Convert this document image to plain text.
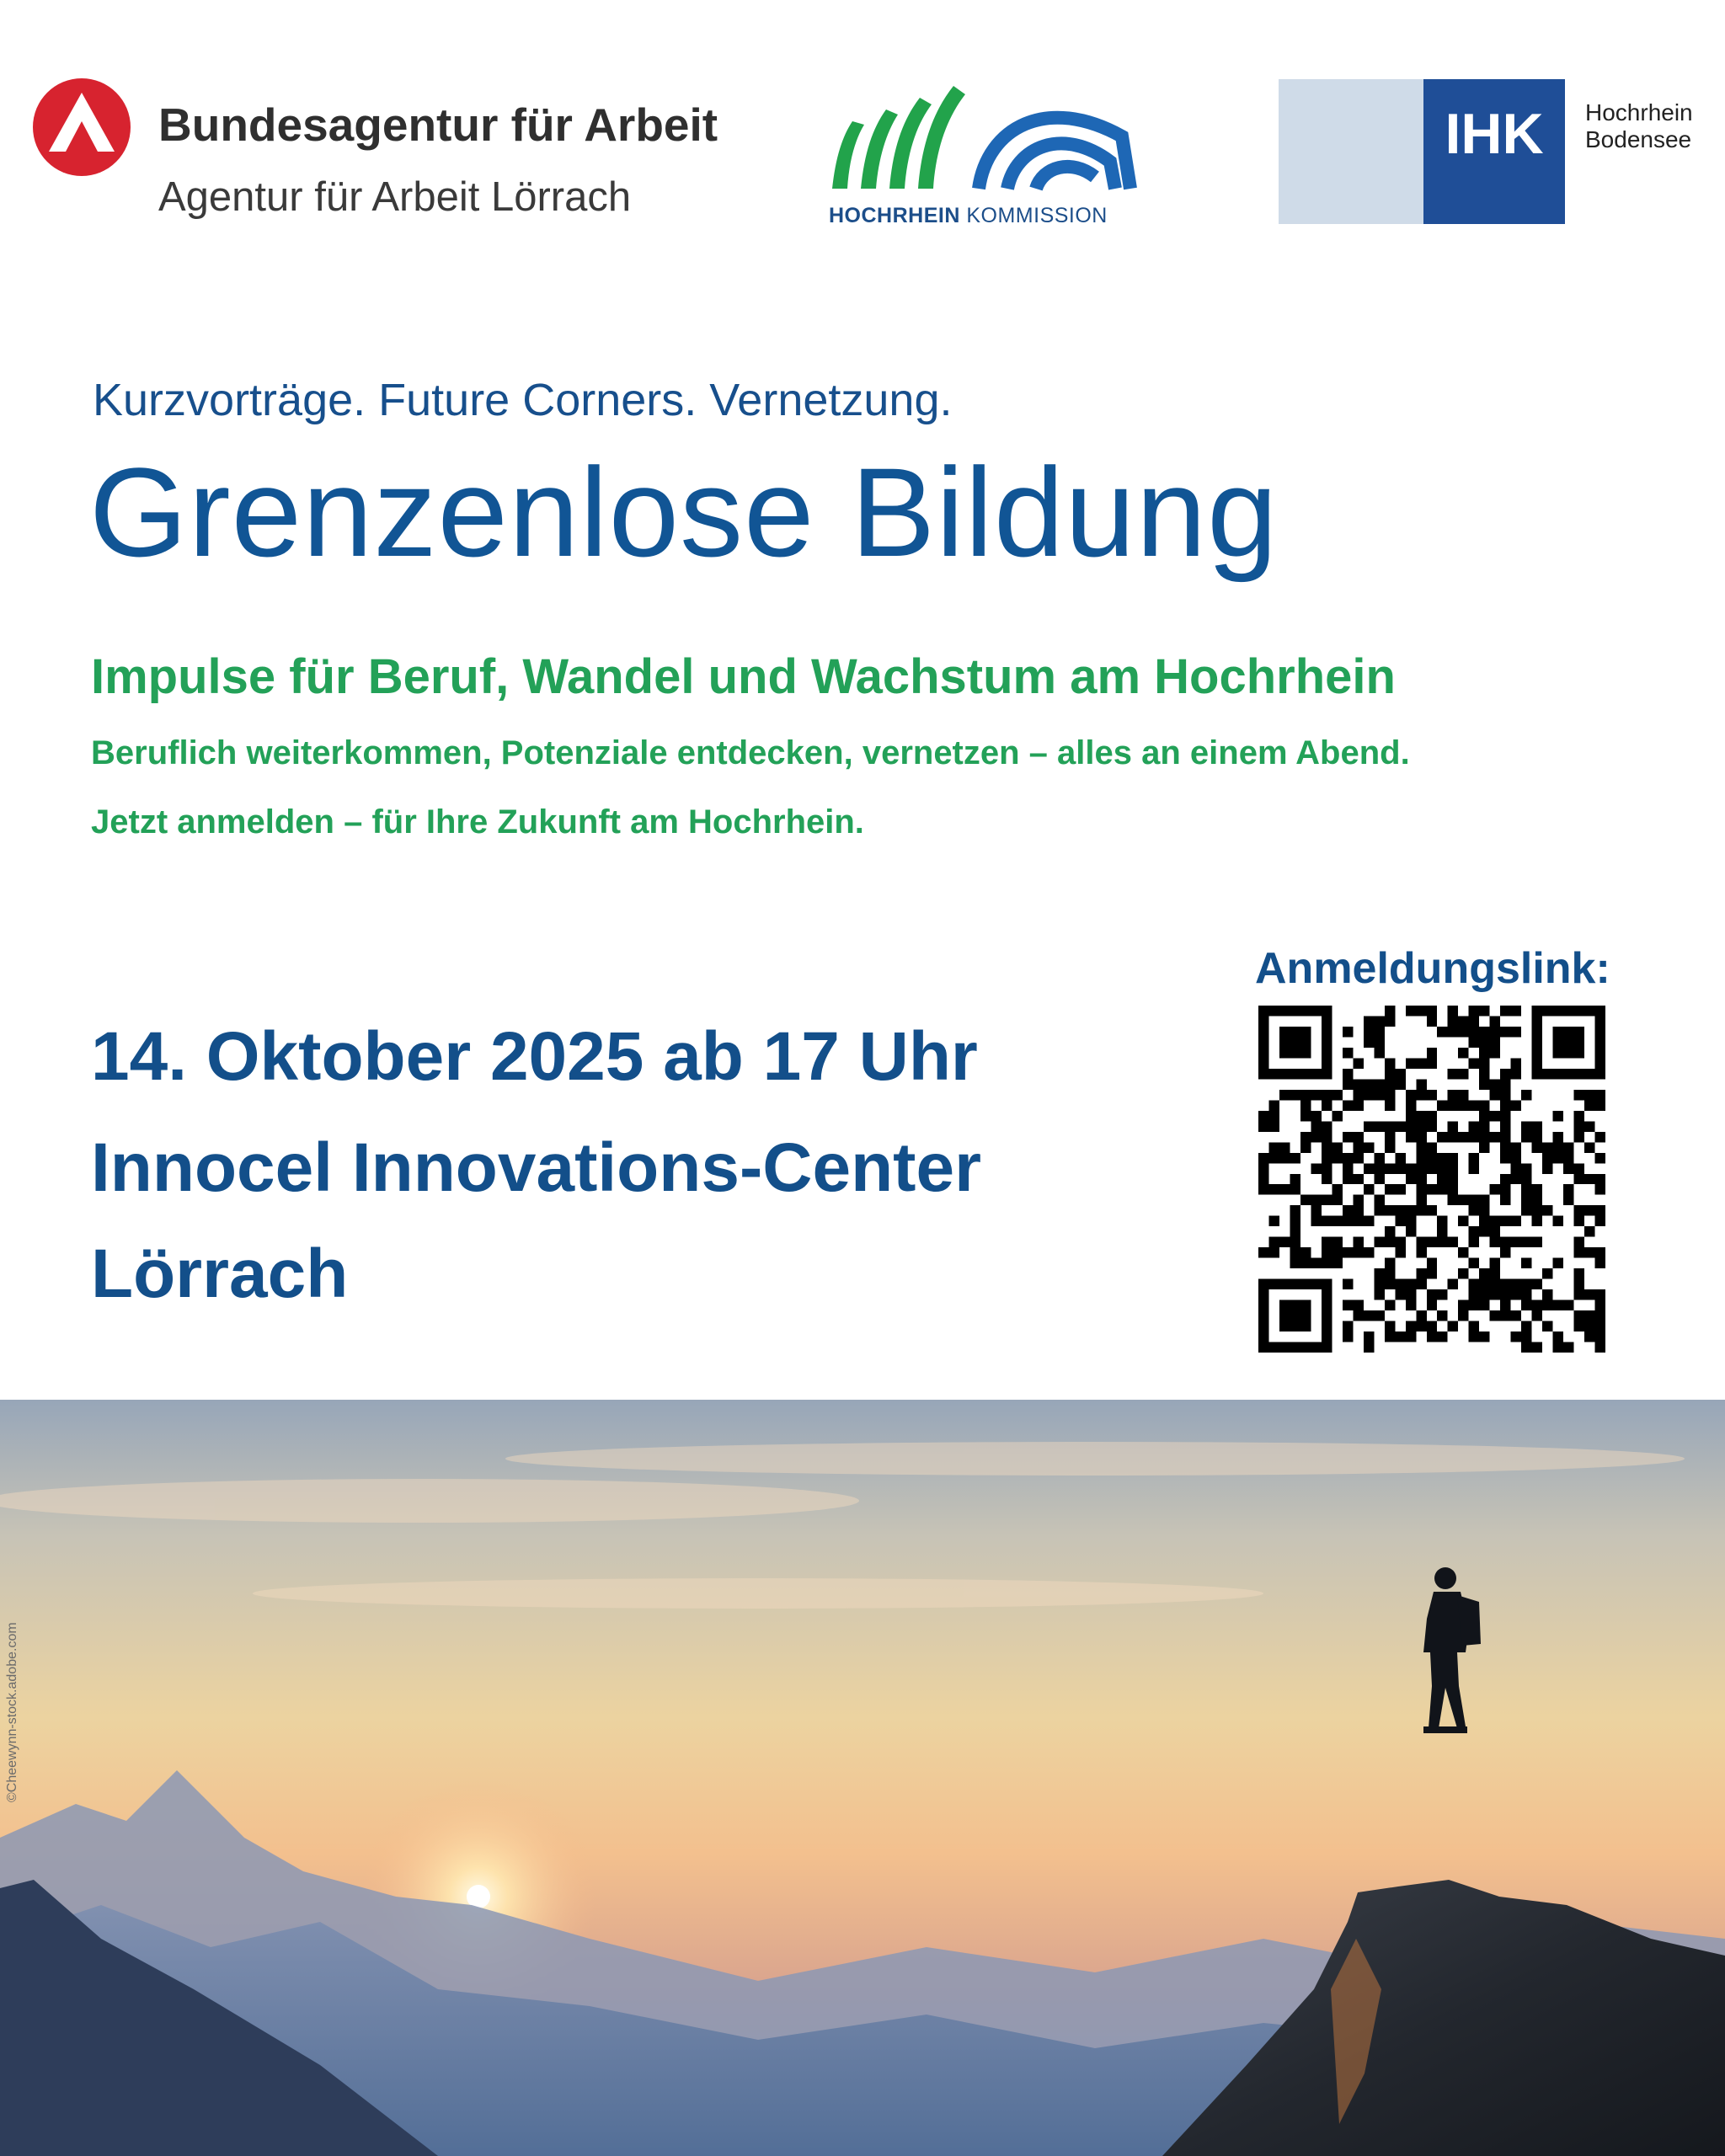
Bundesagentur für Arbeit
Agentur für Arbeit Lörrach	HOCHRHEIN KOMMISSION
IHK	Hochrhein
Bodensee
Kurzvorträge. Future Corners. Vernetzung.
Grenzenlose Bildung
Impulse für Beruf, Wandel und Wachstum am Hochrhein
Beruflich weiterkommen, Potenziale entdecken, vernetzen – alles an einem Abend.
Jetzt anmelden – für Ihre Zukunft am Hochrhein.
14. Oktober 2025 ab 17 Uhr
Innocel Innovations-Center
Lörrach
Anmeldungslink:
©Cheewynn-stock.adobe.com
